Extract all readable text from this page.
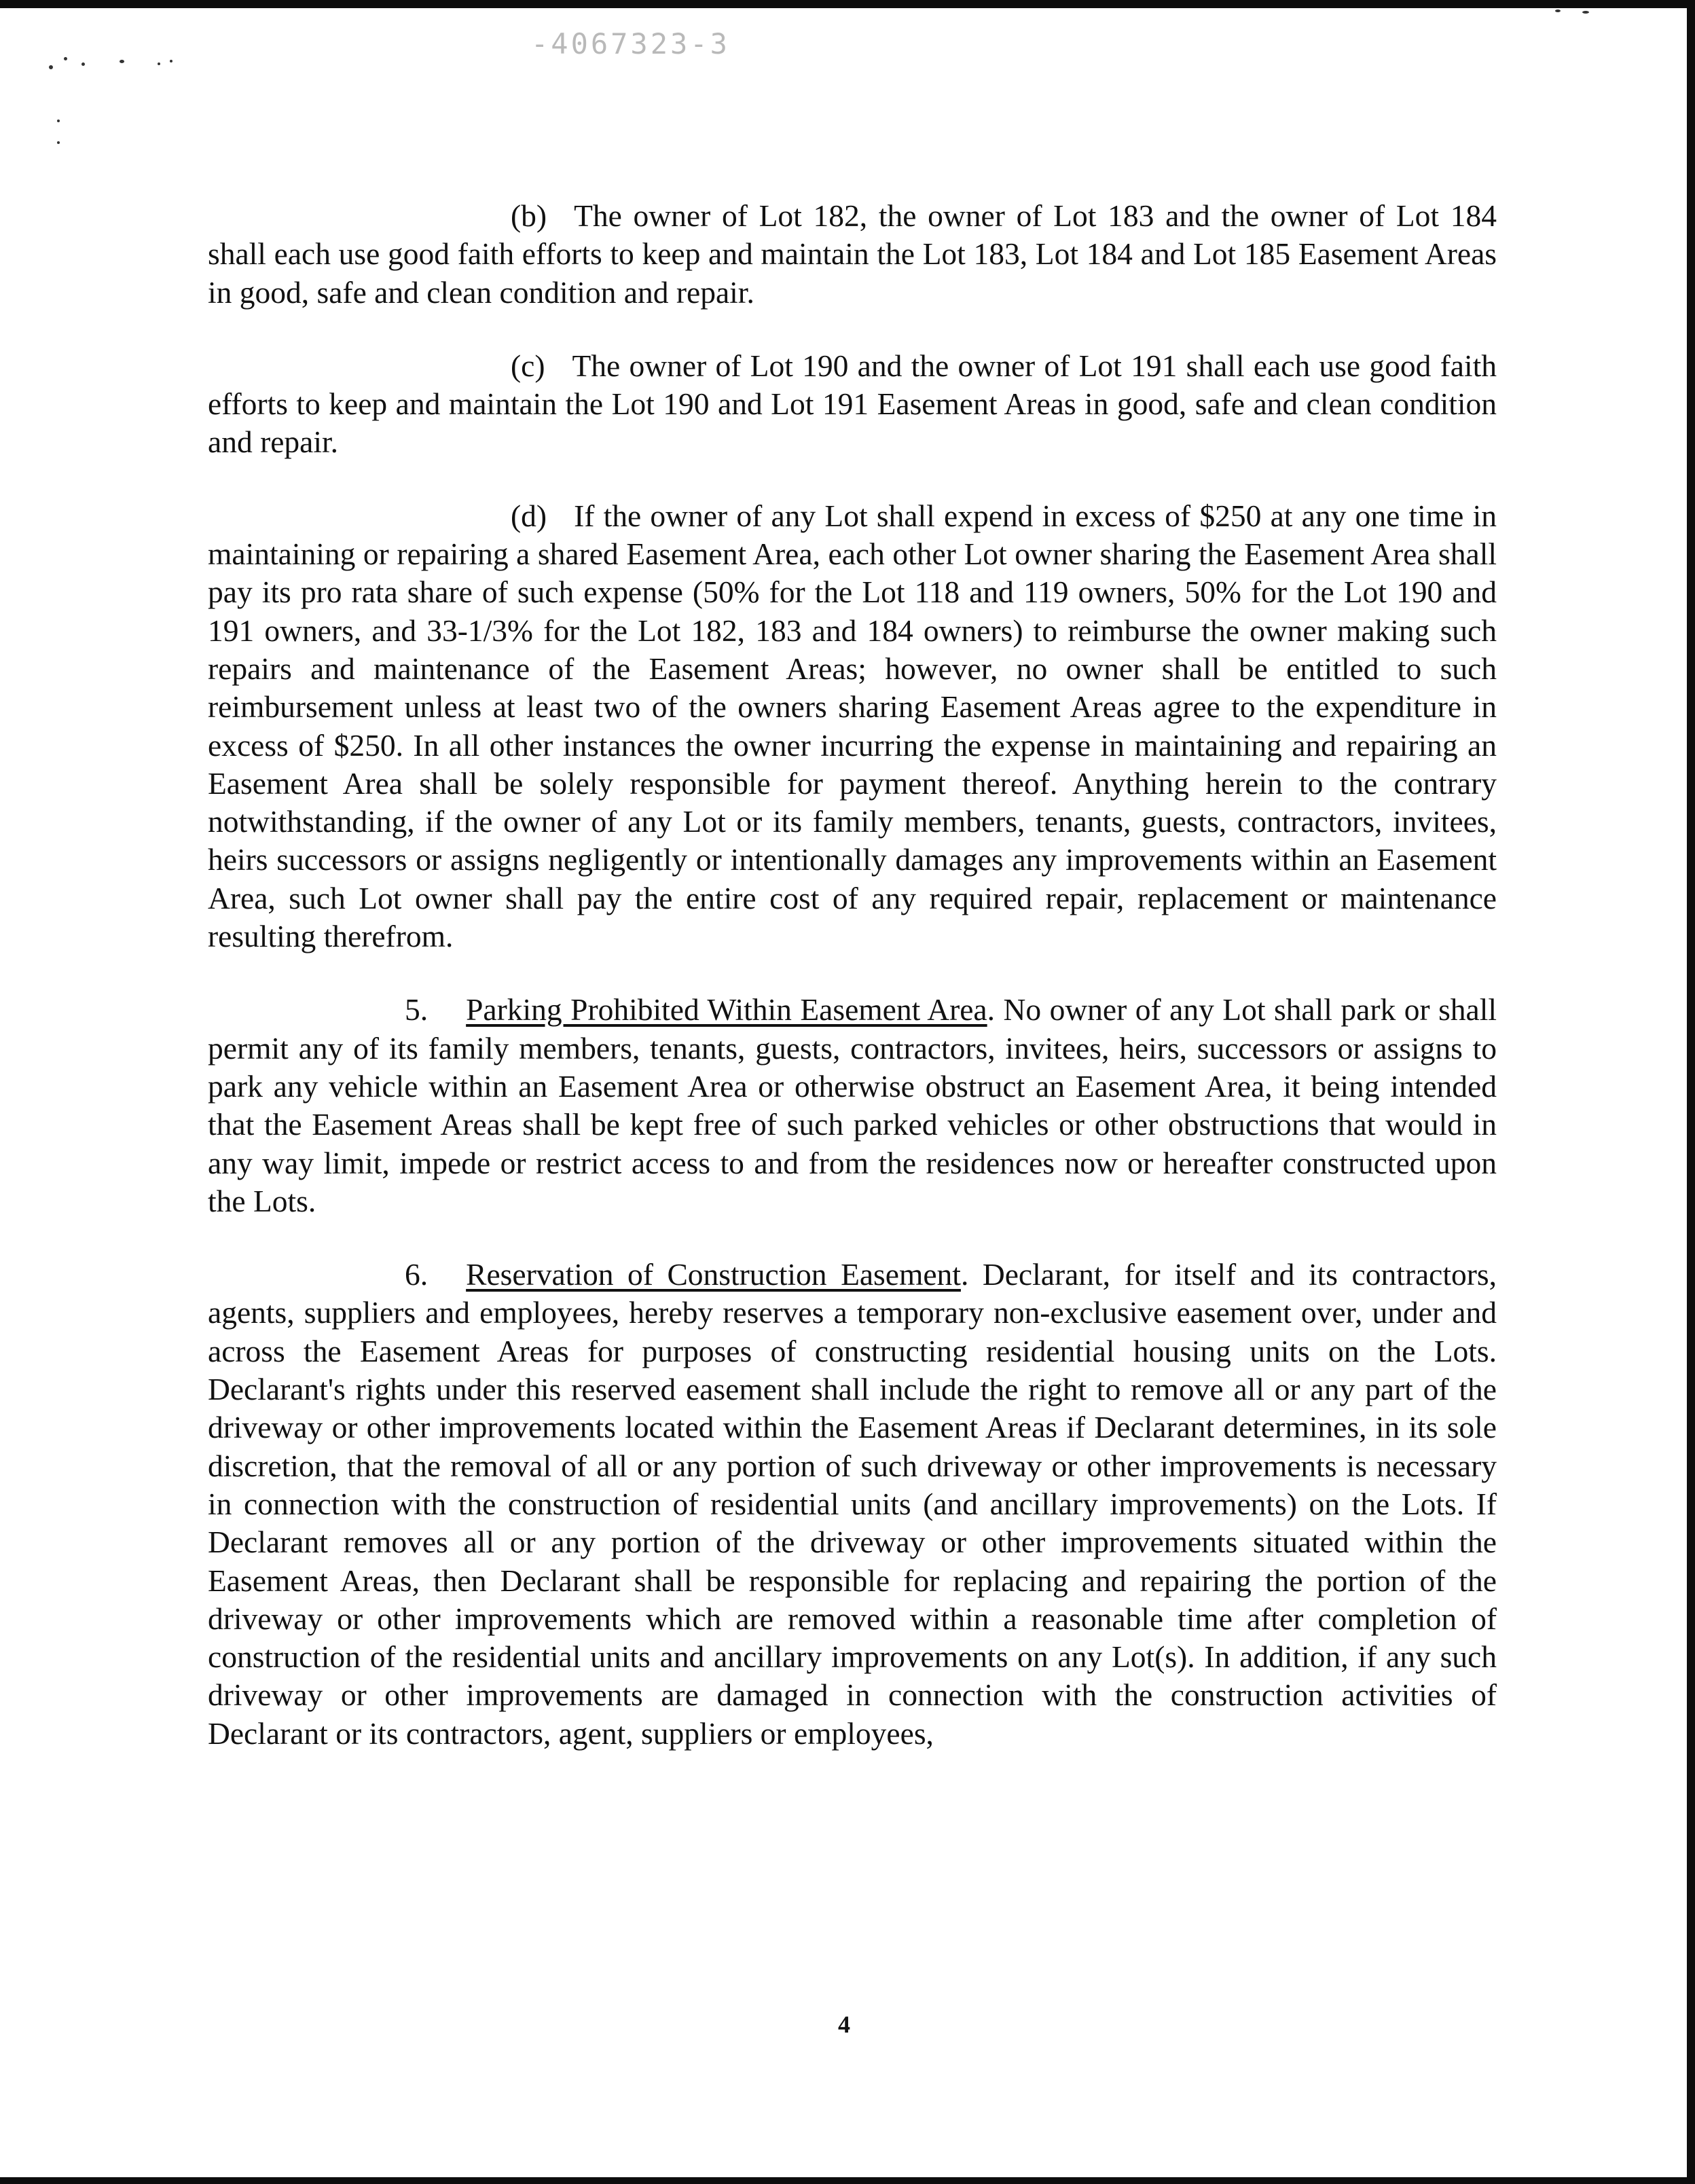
-4067323-3

(b) The owner of Lot 182, the owner of Lot 183 and the owner of Lot 184 shall each use good faith efforts to keep and maintain the Lot 183, Lot 184 and Lot 185 Easement Areas in good, safe and clean condition and repair.

(c) The owner of Lot 190 and the owner of Lot 191 shall each use good faith efforts to keep and maintain the Lot 190 and Lot 191 Easement Areas in good, safe and clean condition and repair.

(d) If the owner of any Lot shall expend in excess of $250 at any one time in maintaining or repairing a shared Easement Area, each other Lot owner sharing the Easement Area shall pay its pro rata share of such expense (50% for the Lot 118 and 119 owners, 50% for the Lot 190 and 191 owners, and 33-1/3% for the Lot 182, 183 and 184 owners) to reimburse the owner making such repairs and maintenance of the Easement Areas; however, no owner shall be entitled to such reimbursement unless at least two of the owners sharing Easement Areas agree to the expenditure in excess of $250. In all other instances the owner incurring the expense in maintaining and repairing an Easement Area shall be solely responsible for payment thereof. Anything herein to the contrary notwithstanding, if the owner of any Lot or its family members, tenants, guests, contractors, invitees, heirs successors or assigns negligently or intentionally damages any improvements within an Easement Area, such Lot owner shall pay the entire cost of any required repair, replacement or maintenance resulting therefrom.

5. Parking Prohibited Within Easement Area. No owner of any Lot shall park or shall permit any of its family members, tenants, guests, contractors, invitees, heirs, successors or assigns to park any vehicle within an Easement Area or otherwise obstruct an Easement Area, it being intended that the Easement Areas shall be kept free of such parked vehicles or other obstructions that would in any way limit, impede or restrict access to and from the residences now or hereafter constructed upon the Lots.

6. Reservation of Construction Easement. Declarant, for itself and its contractors, agents, suppliers and employees, hereby reserves a temporary non-exclusive easement over, under and across the Easement Areas for purposes of constructing residential housing units on the Lots. Declarant's rights under this reserved easement shall include the right to remove all or any part of the driveway or other improvements located within the Easement Areas if Declarant determines, in its sole discretion, that the removal of all or any portion of such driveway or other improvements is necessary in connection with the construction of residential units (and ancillary improvements) on the Lots. If Declarant removes all or any portion of the driveway or other improvements situated within the Easement Areas, then Declarant shall be responsible for replacing and repairing the portion of the driveway or other improvements which are removed within a reasonable time after completion of construction of the residential units and ancillary improvements on any Lot(s). In addition, if any such driveway or other improvements are damaged in connection with the construction activities of Declarant or its contractors, agent, suppliers or employees,

4
